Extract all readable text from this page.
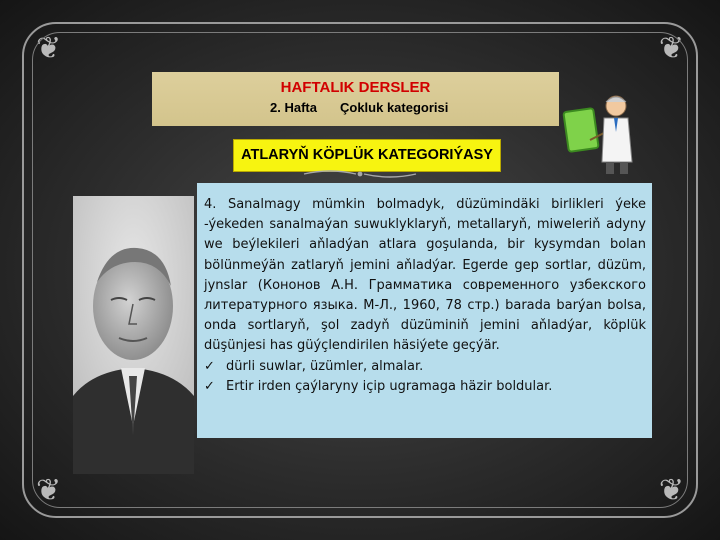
❦	❦
❦	❦
HAFTALIK DERSLER
2. Hafta Çokluk kategorisi
ATLARYŇ KÖPLÜK KATEGORIÝASY

4. Sanalmagy mümkin bolmadyk, düzümindäki birlikleri ýeke -ýekeden sanalmaýan suwuklyklaryň, metallaryň, miweleriň adyny we beýlekileri aňladýan atlara goşulanda, bir kysymdan bolan bölünmeýän zatlaryň jemini aňladýar. Egerde gep sortlar, düzüm, jynslar (Кононов А.Н. Грамматика современного узбекского литературного языка. М-Л., 1960, 78 стр.) barada barýan bolsa, onda sortlaryň, şol zadyň düzüminiň jemini aňladýar, köplük düşünjesi has güýçlendirilen häsiýete geçýär.

✓ dürli suwlar, üzümler, almalar.

✓ Ertir irden çaýlaryny içip ugramaga häzir boldular.
